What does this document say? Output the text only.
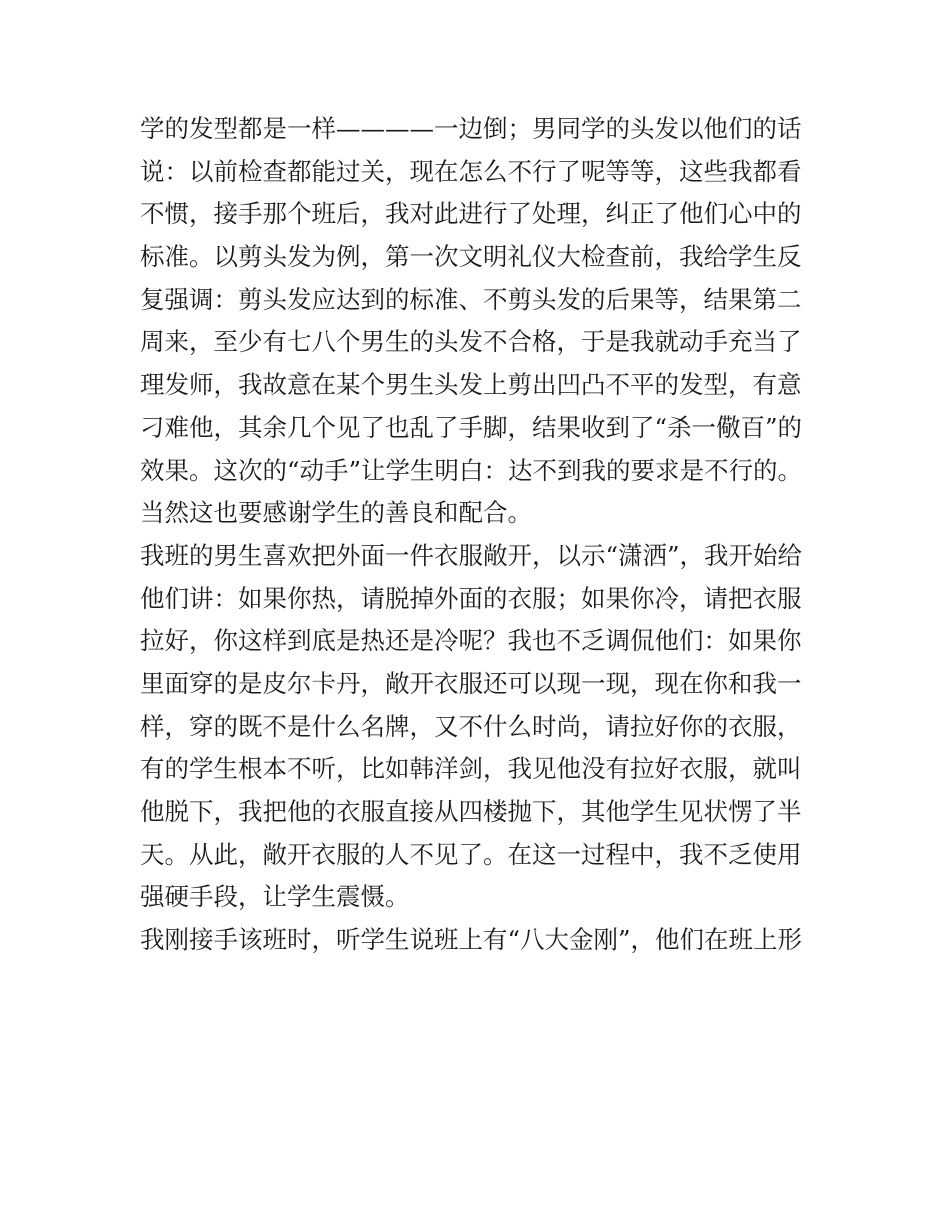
学的发型都是一样————一边倒；男同学的头发以他们的话

说：以前检查都能过关，现在怎么不行了呢等等，这些我都看

不惯，接手那个班后，我对此进行了处理，纠正了他们心中的

标准。以剪头发为例，第一次文明礼仪大检查前，我给学生反

复强调：剪头发应达到的标准、不剪头发的后果等，结果第二

周来，至少有七八个男生的头发不合格，于是我就动手充当了

理发师，我故意在某个男生头发上剪出凹凸不平的发型，有意

刁难他，其余几个见了也乱了手脚，结果收到了“杀一儆百”的

效果。这次的“动手”让学生明白：达不到我的要求是不行的。

当然这也要感谢学生的善良和配合。

我班的男生喜欢把外面一件衣服敞开，以示“潇洒”，我开始给

他们讲：如果你热，请脱掉外面的衣服；如果你冷，请把衣服

拉好，你这样到底是热还是冷呢？我也不乏调侃他们：如果你

里面穿的是皮尔卡丹，敞开衣服还可以现一现，现在你和我一

样，穿的既不是什么名牌，又不什么时尚，请拉好你的衣服，

有的学生根本不听，比如韩洋剑，我见他没有拉好衣服，就叫

他脱下，我把他的衣服直接从四楼抛下，其他学生见状愣了半

天。从此，敞开衣服的人不见了。在这一过程中，我不乏使用

强硬手段，让学生震慑。

我刚接手该班时，听学生说班上有“八大金刚”，他们在班上形
